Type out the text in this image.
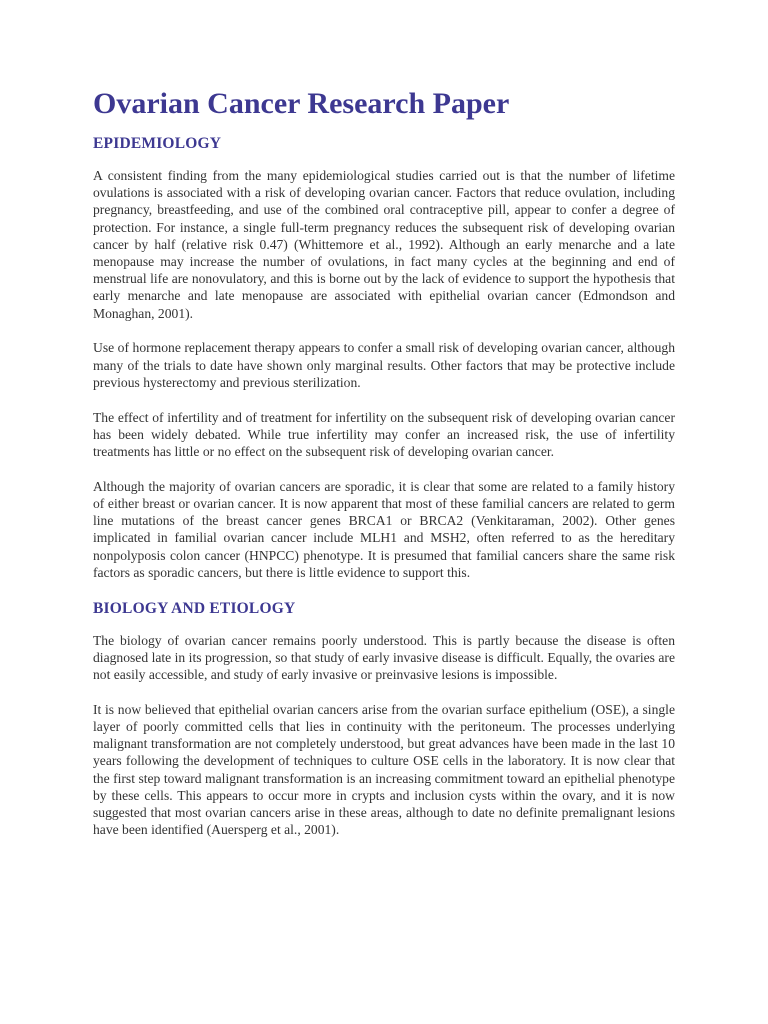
Ovarian Cancer Research Paper
EPIDEMIOLOGY

A consistent finding from the many epidemiological studies carried out is that the number of lifetime ovulations is associated with a risk of developing ovarian cancer. Factors that reduce ovulation, including pregnancy, breastfeeding, and use of the combined oral contraceptive pill, appear to confer a degree of protection. For instance, a single full-term pregnancy reduces the subsequent risk of developing ovarian cancer by half (relative risk 0.47) (Whittemore et al., 1992). Although an early menarche and a late menopause may increase the number of ovulations, in fact many cycles at the beginning and end of menstrual life are nonovulatory, and this is borne out by the lack of evidence to support the hypothesis that early menarche and late menopause are associated with epithelial ovarian cancer (Edmondson and Monaghan, 2001).

Use of hormone replacement therapy appears to confer a small risk of developing ovarian cancer, although many of the trials to date have shown only marginal results. Other factors that may be protective include previous hysterectomy and previous sterilization.

The effect of infertility and of treatment for infertility on the subsequent risk of developing ovarian cancer has been widely debated. While true infertility may confer an increased risk, the use of infertility treatments has little or no effect on the subsequent risk of developing ovarian cancer.

Although the majority of ovarian cancers are sporadic, it is clear that some are related to a family history of either breast or ovarian cancer. It is now apparent that most of these familial cancers are related to germ line mutations of the breast cancer genes BRCA1 or BRCA2 (Venkitaraman, 2002). Other genes implicated in familial ovarian cancer include MLH1 and MSH2, often referred to as the hereditary nonpolyposis colon cancer (HNPCC) phenotype. It is presumed that familial cancers share the same risk factors as sporadic cancers, but there is little evidence to support this.

BIOLOGY AND ETIOLOGY

The biology of ovarian cancer remains poorly understood. This is partly because the disease is often diagnosed late in its progression, so that study of early invasive disease is difficult. Equally, the ovaries are not easily accessible, and study of early invasive or preinvasive lesions is impossible.

It is now believed that epithelial ovarian cancers arise from the ovarian surface epithelium (OSE), a single layer of poorly committed cells that lies in continuity with the peritoneum. The processes underlying malignant transformation are not completely understood, but great advances have been made in the last 10 years following the development of techniques to culture OSE cells in the laboratory. It is now clear that the first step toward malignant transformation is an increasing commitment toward an epithelial phenotype by these cells. This appears to occur more in crypts and inclusion cysts within the ovary, and it is now suggested that most ovarian cancers arise in these areas, although to date no definite premalignant lesions have been identified (Auersperg et al., 2001).
